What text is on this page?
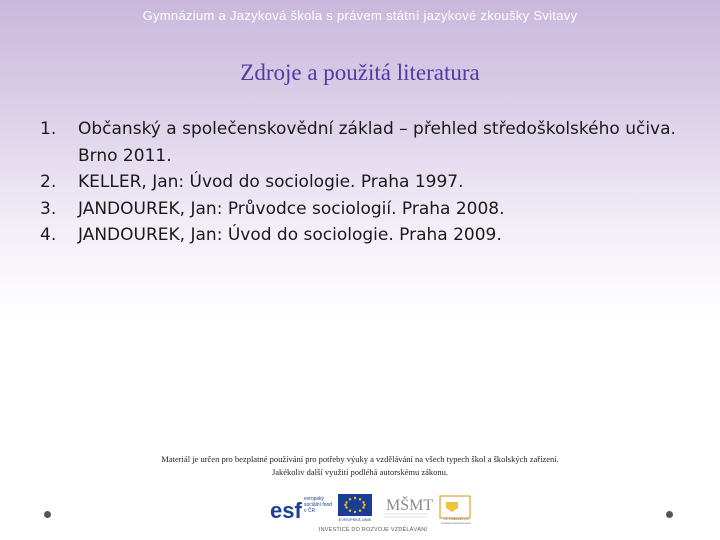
Gymnázium a Jazyková škola s právem státní jazykové zkoušky Svitavy
Zdroje a použitá literatura
1.	Občanský a společenskovědní základ – přehled středoškolského učiva. Brno 2011.
2.	KELLER, Jan: Úvod do sociologie. Praha 1997.
3.	JANDOUREK, Jan: Průvodce sociologií. Praha 2008.
4.	JANDOUREK, Jan: Úvod do sociologie. Praha 2009.
Materiál je určen pro bezplatné používání pro potřeby výuky a vzdělávání na všech typech škol a školských zařízení.
Jakékoliv další využití podléhá autorskému zákonu.
esf evropský sociální fond v ČR
EVROPSKÁ UNIE
MŠMT
OP Vzdělávání pro konkurenceschopnost
INVESTICE DO ROZVOJE VZDĚLÁVÁNÍ
